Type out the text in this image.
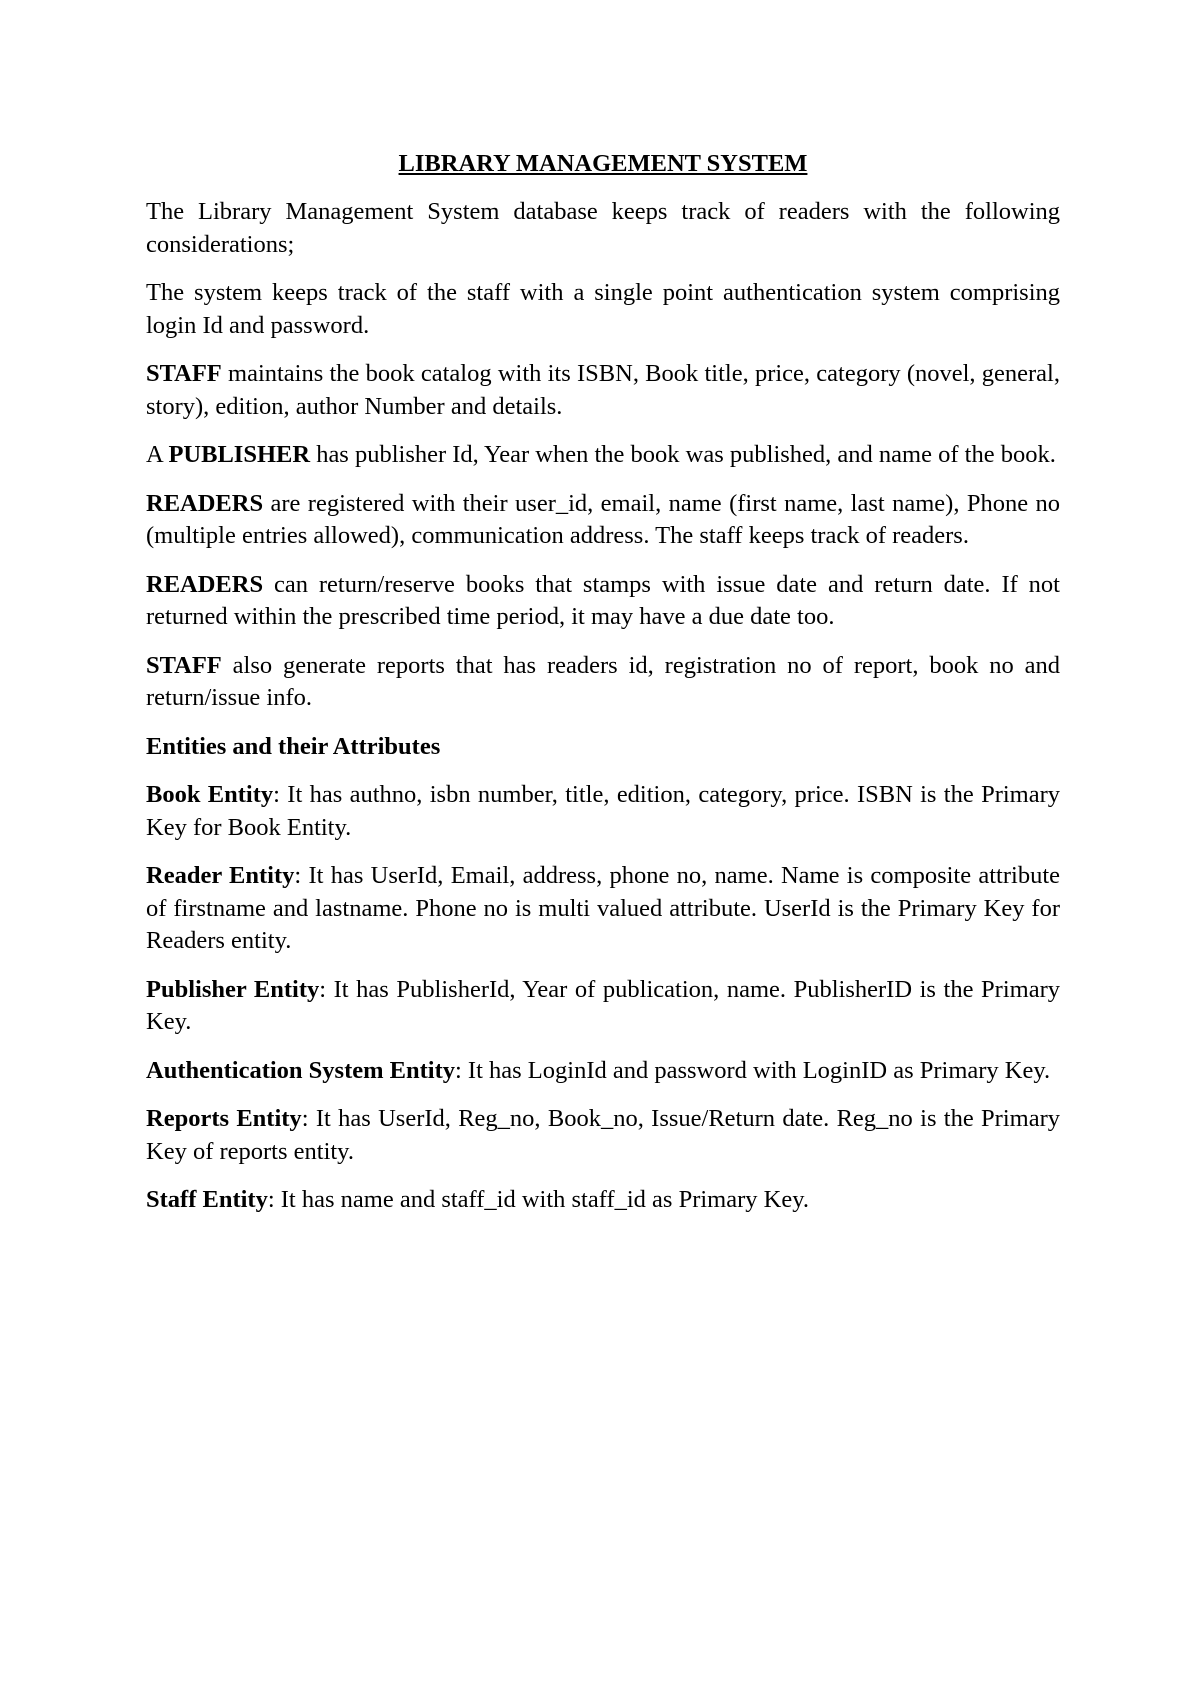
LIBRARY MANAGEMENT SYSTEM

The Library Management System database keeps track of readers with the following considerations;

The system keeps track of the staff with a single point authentication system comprising login Id and password.

STAFF maintains the book catalog with its ISBN, Book title, price, category (novel, general, story), edition, author Number and details.

A PUBLISHER has publisher Id, Year when the book was published, and name of the book.

READERS are registered with their user_id, email, name (first name, last name), Phone no (multiple entries allowed), communication address. The staff keeps track of readers.

READERS can return/reserve books that stamps with issue date and return date. If not returned within the prescribed time period, it may have a due date too.

STAFF also generate reports that has readers id, registration no of report, book no and return/issue info.

Entities and their Attributes

Book Entity: It has authno, isbn number, title, edition, category, price. ISBN is the Primary Key for Book Entity.

Reader Entity: It has UserId, Email, address, phone no, name. Name is composite attribute of firstname and lastname. Phone no is multi valued attribute. UserId is the Primary Key for Readers entity.

Publisher Entity: It has PublisherId, Year of publication, name. PublisherID is the Primary Key.

Authentication System Entity: It has LoginId and password with LoginID as Primary Key.

Reports Entity: It has UserId, Reg_no, Book_no, Issue/Return date. Reg_no is the Primary Key of reports entity.

Staff Entity: It has name and staff_id with staff_id as Primary Key.
